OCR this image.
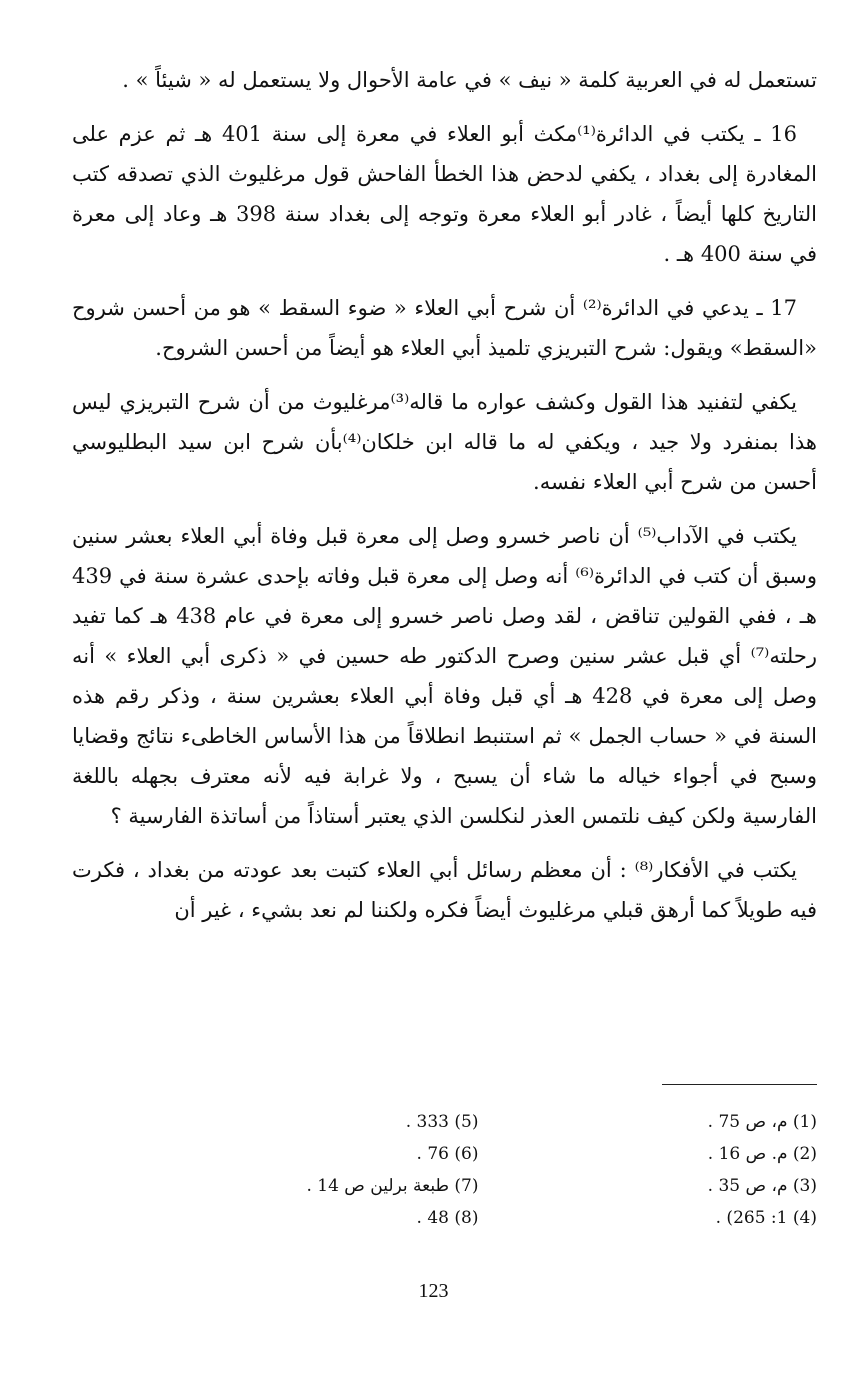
تستعمل له في العربية كلمة « نيف » في عامة الأحوال ولا يستعمل له « شيئاً » .

16 ـ يكتب في الدائرة⁽¹⁾مكث أبو العلاء في معرة إلى سنة 401 هـ ثم عزم على المغادرة إلى بغداد ، يكفي لدحض هذا الخطأ الفاحش قول مرغليوث الذي تصدقه كتب التاريخ كلها أيضاً ، غادر أبو العلاء معرة وتوجه إلى بغداد سنة 398 هـ وعاد إلى معرة في سنة 400 هـ .

17 ـ يدعي في الدائرة⁽²⁾ أن شرح أبي العلاء « ضوء السقط » هو من أحسن شروح «السقط» ويقول: شرح التبريزي تلميذ أبي العلاء هو أيضاً من أحسن الشروح.

يكفي لتفنيد هذا القول وكشف عواره ما قاله⁽³⁾مرغليوث من أن شرح التبريزي ليس هذا بمنفرد ولا جيد ، ويكفي له ما قاله ابن خلكان⁽⁴⁾بأن شرح ابن سيد البطليوسي أحسن من شرح أبي العلاء نفسه.

يكتب في الآداب⁽⁵⁾ أن ناصر خسرو وصل إلى معرة قبل وفاة أبي العلاء بعشر سنين وسبق أن كتب في الدائرة⁽⁶⁾ أنه وصل إلى معرة قبل وفاته بإحدى عشرة سنة في 439 هـ ، ففي القولين تناقض ، لقد وصل ناصر خسرو إلى معرة في عام 438 هـ كما تفيد رحلته⁽⁷⁾ أي قبل عشر سنين وصرح الدكتور طه حسين في « ذكرى أبي العلاء » أنه وصل إلى معرة في 428 هـ أي قبل وفاة أبي العلاء بعشرين سنة ، وذكر رقم هذه السنة في « حساب الجمل » ثم استنبط انطلاقاً من هذا الأساس الخاطىء نتائج وقضايا وسبح في أجواء خياله ما شاء أن يسبح ، ولا غرابة فيه لأنه معترف بجهله باللغة الفارسية ولكن كيف نلتمس العذر لنكلسن الذي يعتبر أستاذاً من أساتذة الفارسية ؟

يكتب في الأفكار⁽⁸⁾ : أن معظم رسائل أبي العلاء كتبت بعد عودته من بغداد ، فكرت فيه طويلاً كما أرهق قبلي مرغليوث أيضاً فكره ولكننا لم نعد بشيء ، غير أن

(1) م، ص 75 .
(2) م. ص 16 .
(3) م، ص 35 .
(4) 1: 265) .
(5) 333 .
(6) 76 .
(7) طبعة برلين ص 14 .
(8) 48 .
123
